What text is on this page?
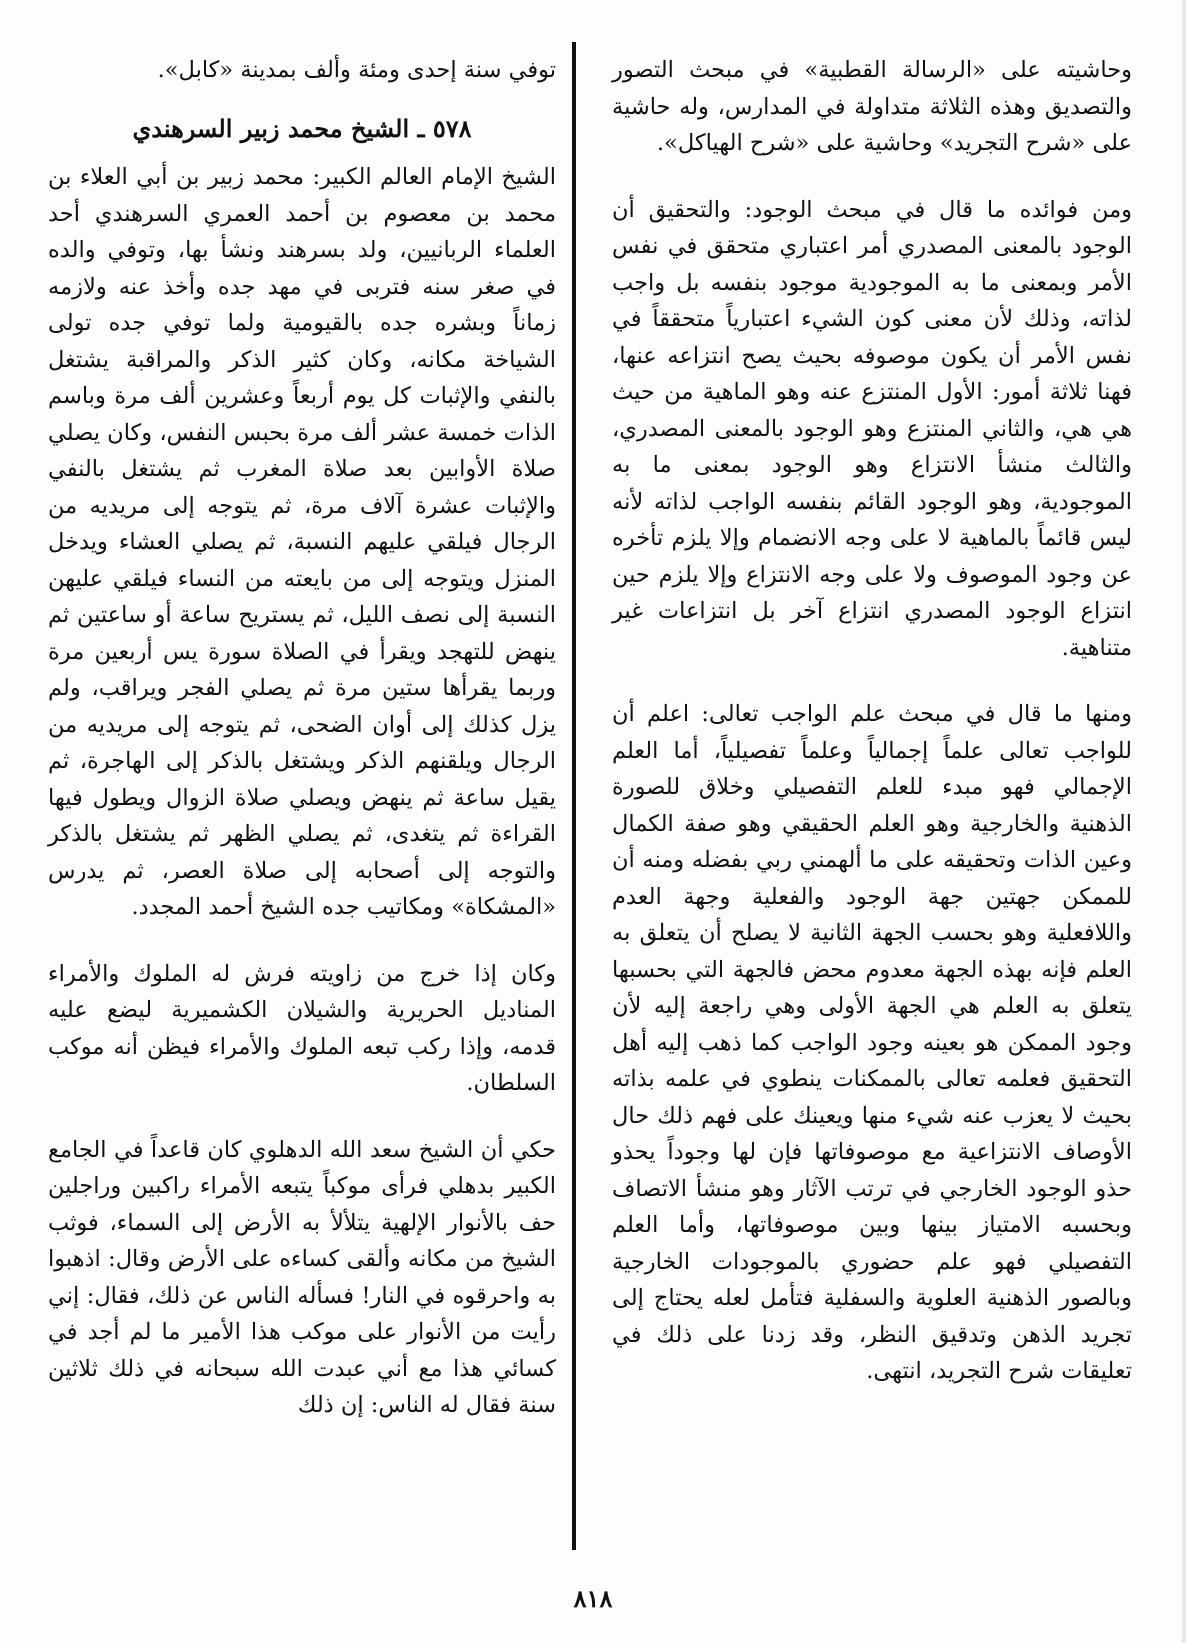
وحاشيته على «الرسالة القطبية» في مبحث التصور والتصديق وهذه الثلاثة متداولة في المدارس، وله حاشية على «شرح التجريد» وحاشية على «شرح الهياكل».

ومن فوائده ما قال في مبحث الوجود: والتحقيق أن الوجود بالمعنى المصدري أمر اعتباري متحقق في نفس الأمر وبمعنى ما به الموجودية موجود بنفسه بل واجب لذاته، وذلك لأن معنى كون الشيء اعتبارياً متحققاً في نفس الأمر أن يكون موصوفه بحيث يصح انتزاعه عنها، فهنا ثلاثة أمور: الأول المنتزع عنه وهو الماهية من حيث هي هي، والثاني المنتزع وهو الوجود بالمعنى المصدري، والثالث منشأ الانتزاع وهو الوجود بمعنى ما به الموجودية، وهو الوجود القائم بنفسه الواجب لذاته لأنه ليس قائماً بالماهية لا على وجه الانضمام وإلا يلزم تأخره عن وجود الموصوف ولا على وجه الانتزاع وإلا يلزم حين انتزاع الوجود المصدري انتزاع آخر بل انتزاعات غير متناهية.

ومنها ما قال في مبحث علم الواجب تعالى: اعلم أن للواجب تعالى علماً إجمالياً وعلماً تفصيلياً، أما العلم الإجمالي فهو مبدء للعلم التفصيلي وخلاق للصورة الذهنية والخارجية وهو العلم الحقيقي وهو صفة الكمال وعين الذات وتحقيقه على ما ألهمني ربي بفضله ومنه أن للممكن جهتين جهة الوجود والفعلية وجهة العدم واللافعلية وهو بحسب الجهة الثانية لا يصلح أن يتعلق به العلم فإنه بهذه الجهة معدوم محض فالجهة التي بحسبها يتعلق به العلم هي الجهة الأولى وهي راجعة إليه لأن وجود الممكن هو بعينه وجود الواجب كما ذهب إليه أهل التحقيق فعلمه تعالى بالممكنات ينطوي في علمه بذاته بحيث لا يعزب عنه شيء منها ويعينك على فهم ذلك حال الأوصاف الانتزاعية مع موصوفاتها فإن لها وجوداً يحذو حذو الوجود الخارجي في ترتب الآثار وهو منشأ الاتصاف وبحسبه الامتياز بينها وبين موصوفاتها، وأما العلم التفصيلي فهو علم حضوري بالموجودات الخارجية وبالصور الذهنية العلوية والسفلية فتأمل لعله يحتاج إلى تجريد الذهن وتدقيق النظر، وقد زدنا على ذلك في تعليقات شرح التجريد، انتهى.

توفي سنة إحدى ومئة وألف بمدينة «كابل».

٥٧٨ ـ الشيخ محمد زبير السرهندي

الشيخ الإمام العالم الكبير: محمد زبير بن أبي العلاء بن محمد بن معصوم بن أحمد العمري السرهندي أحد العلماء الربانيين، ولد بسرهند ونشأ بها، وتوفي والده في صغر سنه فتربى في مهد جده وأخذ عنه ولازمه زماناً وبشره جده بالقيومية ولما توفي جده تولى الشياخة مكانه، وكان كثير الذكر والمراقبة يشتغل بالنفي والإثبات كل يوم أربعاً وعشرين ألف مرة وباسم الذات خمسة عشر ألف مرة بحبس النفس، وكان يصلي صلاة الأوابين بعد صلاة المغرب ثم يشتغل بالنفي والإثبات عشرة آلاف مرة، ثم يتوجه إلى مريديه من الرجال فيلقي عليهم النسبة، ثم يصلي العشاء ويدخل المنزل ويتوجه إلى من بايعته من النساء فيلقي عليهن النسبة إلى نصف الليل، ثم يستريح ساعة أو ساعتين ثم ينهض للتهجد ويقرأ في الصلاة سورة يس أربعين مرة وربما يقرأها ستين مرة ثم يصلي الفجر ويراقب، ولم يزل كذلك إلى أوان الضحى، ثم يتوجه إلى مريديه من الرجال ويلقنهم الذكر ويشتغل بالذكر إلى الهاجرة، ثم يقيل ساعة ثم ينهض ويصلي صلاة الزوال ويطول فيها القراءة ثم يتغدى، ثم يصلي الظهر ثم يشتغل بالذكر والتوجه إلى أصحابه إلى صلاة العصر، ثم يدرس «المشكاة» ومكاتيب جده الشيخ أحمد المجدد.

وكان إذا خرج من زاويته فرش له الملوك والأمراء المناديل الحريرية والشيلان الكشميرية ليضع عليه قدمه، وإذا ركب تبعه الملوك والأمراء فيظن أنه موكب السلطان.

حكي أن الشيخ سعد الله الدهلوي كان قاعداً في الجامع الكبير بدهلي فرأى موكباً يتبعه الأمراء راكبين وراجلين حف بالأنوار الإلهية يتلألأ به الأرض إلى السماء، فوثب الشيخ من مكانه وألقى كساءه على الأرض وقال: اذهبوا به واحرقوه في النار! فسأله الناس عن ذلك، فقال: إني رأيت من الأنوار على موكب هذا الأمير ما لم أجد في كسائي هذا مع أني عبدت الله سبحانه في ذلك ثلاثين سنة فقال له الناس: إن ذلك

٨١٨
